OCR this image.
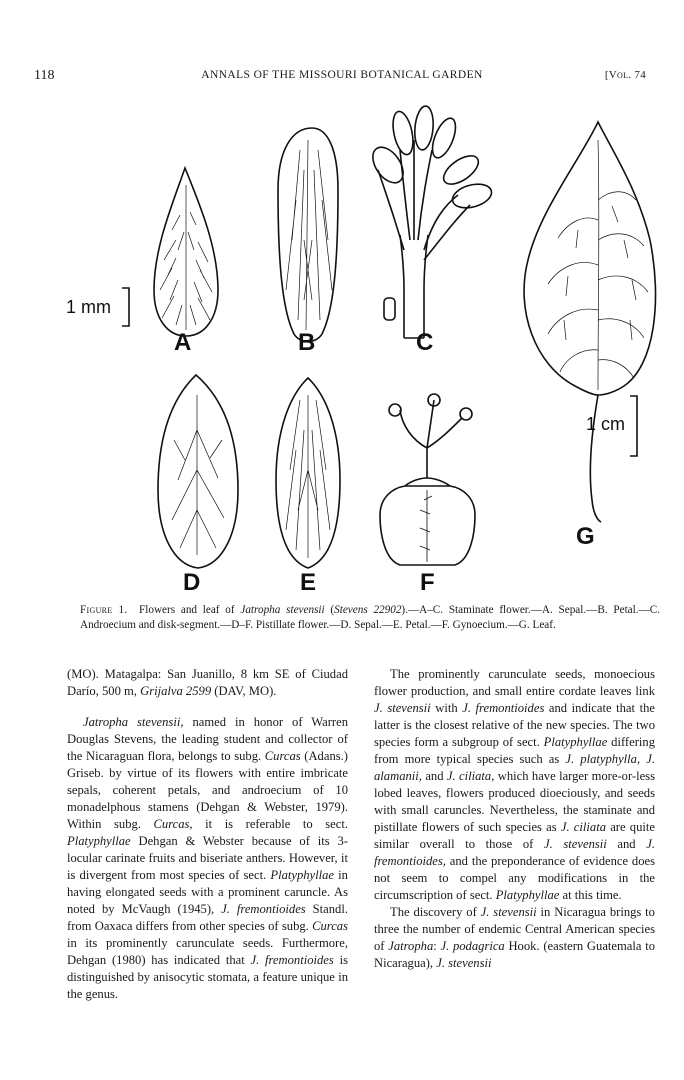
118	ANNALS OF THE MISSOURI BOTANICAL GARDEN	[Vol. 74
1 mm
1 cm
A	B	C
D	E	F
G
Figure 1. Flowers and leaf of Jatropha stevensii (Stevens 22902).—A–C. Staminate flower.—A. Sepal.—B. Petal.—C. Androecium and disk-segment.—D–F. Pistillate flower.—D. Sepal.—E. Petal.—F. Gynoecium.—G. Leaf.

(MO). Matagalpa: San Juanillo, 8 km SE of Ciudad Darío, 500 m, Grijalva 2599 (DAV, MO).

Jatropha stevensii, named in honor of Warren Douglas Stevens, the leading student and collector of the Nicaraguan flora, belongs to subg. Curcas (Adans.) Griseb. by virtue of its flowers with entire imbricate sepals, coherent petals, and androecium of 10 monadelphous stamens (Dehgan & Webster, 1979). Within subg. Curcas, it is referable to sect. Platyphyllae Dehgan & Webster because of its 3-locular carinate fruits and biseriate anthers. However, it is divergent from most species of sect. Platyphyllae in having elongated seeds with a prominent caruncle. As noted by McVaugh (1945), J. fremontioides Standl. from Oaxaca differs from other species of subg. Curcas in its prominently carunculate seeds. Furthermore, Dehgan (1980) has indicated that J. fremontioides is distinguished by anisocytic stomata, a feature unique in the genus.

The prominently carunculate seeds, monoecious flower production, and small entire cordate leaves link J. stevensii with J. fremontioides and indicate that the latter is the closest relative of the new species. The two species form a subgroup of sect. Platyphyllae differing from more typical species such as J. platyphylla, J. alamanii, and J. ciliata, which have larger more-or-less lobed leaves, flowers produced dioeciously, and seeds with small caruncles. Nevertheless, the staminate and pistillate flowers of such species as J. ciliata are quite similar overall to those of J. stevensii and J. fremontioides, and the preponderance of evidence does not seem to compel any modifications in the circumscription of sect. Platyphyllae at this time.

The discovery of J. stevensii in Nicaragua brings to three the number of endemic Central American species of Jatropha: J. podagrica Hook. (eastern Guatemala to Nicaragua), J. stevensii
